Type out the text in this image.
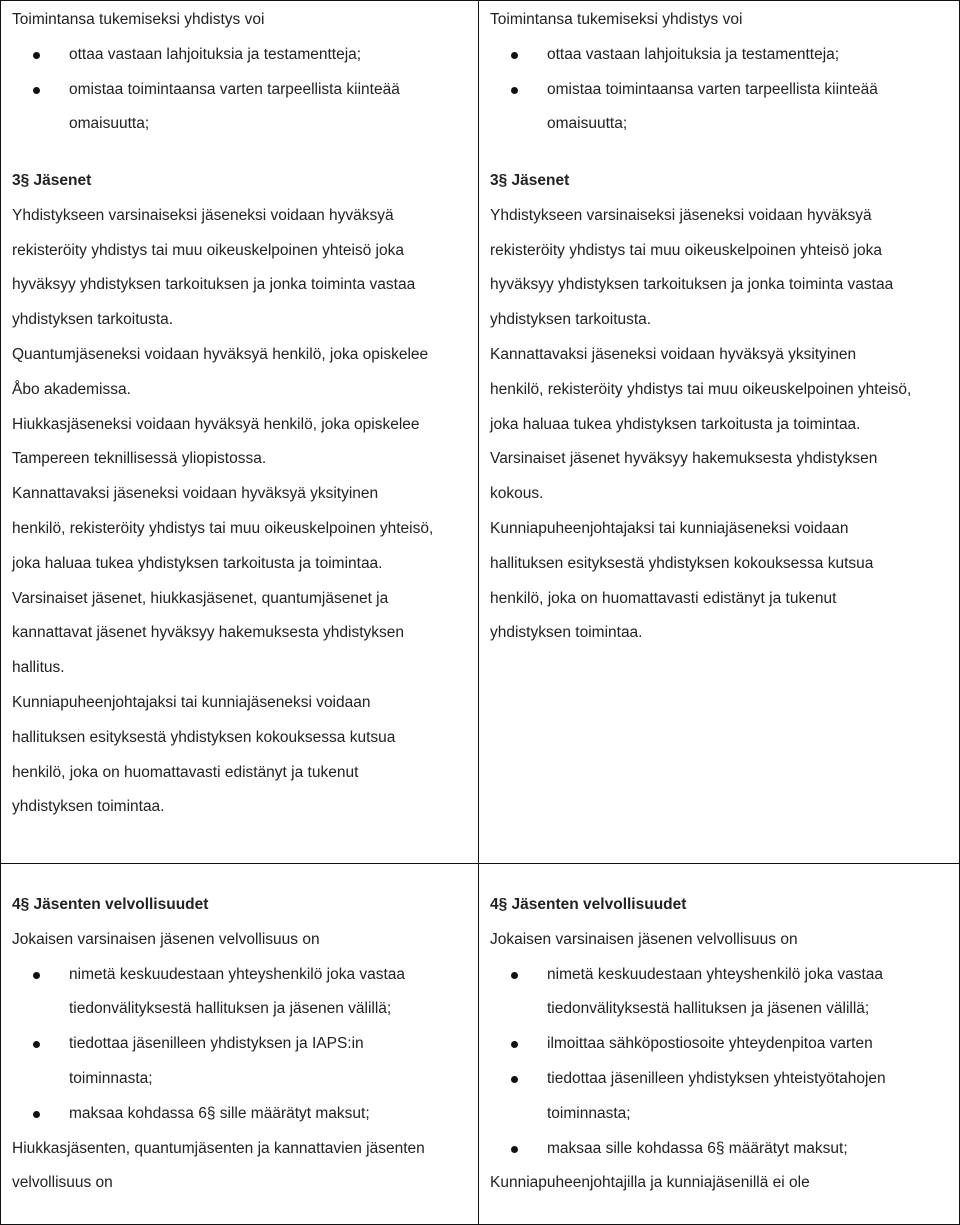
Toimintansa tukemiseksi yhdistys voi
ottaa vastaan lahjoituksia ja testamentteja;
omistaa toimintaansa varten tarpeellista kiinteää
omaisuutta;
3§ Jäsenet
Yhdistykseen varsinaiseksi jäseneksi voidaan hyväksyä
rekisteröity yhdistys tai muu oikeuskelpoinen yhteisö joka
hyväksyy yhdistyksen tarkoituksen ja jonka toiminta vastaa
yhdistyksen tarkoitusta.
Quantumjäseneksi voidaan hyväksyä henkilö, joka opiskelee
Åbo akademissa.
Hiukkasjäseneksi voidaan hyväksyä henkilö, joka opiskelee
Tampereen teknillisessä yliopistossa.
Kannattavaksi jäseneksi voidaan hyväksyä yksityinen
henkilö, rekisteröity yhdistys tai muu oikeuskelpoinen yhteisö,
joka haluaa tukea yhdistyksen tarkoitusta ja toimintaa.
Varsinaiset jäsenet, hiukkasjäsenet, quantumjäsenet ja
kannattavat jäsenet hyväksyy hakemuksesta yhdistyksen
hallitus.
Kunniapuheenjohtajaksi tai kunniajäseneksi voidaan
hallituksen esityksestä yhdistyksen kokouksessa kutsua
henkilö, joka on huomattavasti edistänyt ja tukenut
yhdistyksen toimintaa.
4§ Jäsenten velvollisuudet
Jokaisen varsinaisen jäsenen velvollisuus on
nimetä keskuudestaan yhteyshenkilö joka vastaa
tiedonvälityksestä hallituksen ja jäsenen välillä;
tiedottaa jäsenilleen yhdistyksen ja IAPS:in
toiminnasta;
maksaa kohdassa 6§ sille määrätyt maksut;
Hiukkasjäsenten, quantumjäsenten ja kannattavien jäsenten
velvollisuus on
Toimintansa tukemiseksi yhdistys voi
ottaa vastaan lahjoituksia ja testamentteja;
omistaa toimintaansa varten tarpeellista kiinteää
omaisuutta;
3§ Jäsenet
Yhdistykseen varsinaiseksi jäseneksi voidaan hyväksyä
rekisteröity yhdistys tai muu oikeuskelpoinen yhteisö joka
hyväksyy yhdistyksen tarkoituksen ja jonka toiminta vastaa
yhdistyksen tarkoitusta.
Kannattavaksi jäseneksi voidaan hyväksyä yksityinen
henkilö, rekisteröity yhdistys tai muu oikeuskelpoinen yhteisö,
joka haluaa tukea yhdistyksen tarkoitusta ja toimintaa.
Varsinaiset jäsenet hyväksyy hakemuksesta yhdistyksen
kokous.
Kunniapuheenjohtajaksi tai kunniajäseneksi voidaan
hallituksen esityksestä yhdistyksen kokouksessa kutsua
henkilö, joka on huomattavasti edistänyt ja tukenut
yhdistyksen toimintaa.
4§ Jäsenten velvollisuudet
Jokaisen varsinaisen jäsenen velvollisuus on
nimetä keskuudestaan yhteyshenkilö joka vastaa
tiedonvälityksestä hallituksen ja jäsenen välillä;
ilmoittaa sähköpostiosoite yhteydenpitoa varten
tiedottaa jäsenilleen yhdistyksen yhteistyötahojen
toiminnasta;
maksaa sille kohdassa 6§ määrätyt maksut;
Kunniapuheenjohtajilla ja kunniajäsenillä ei ole
